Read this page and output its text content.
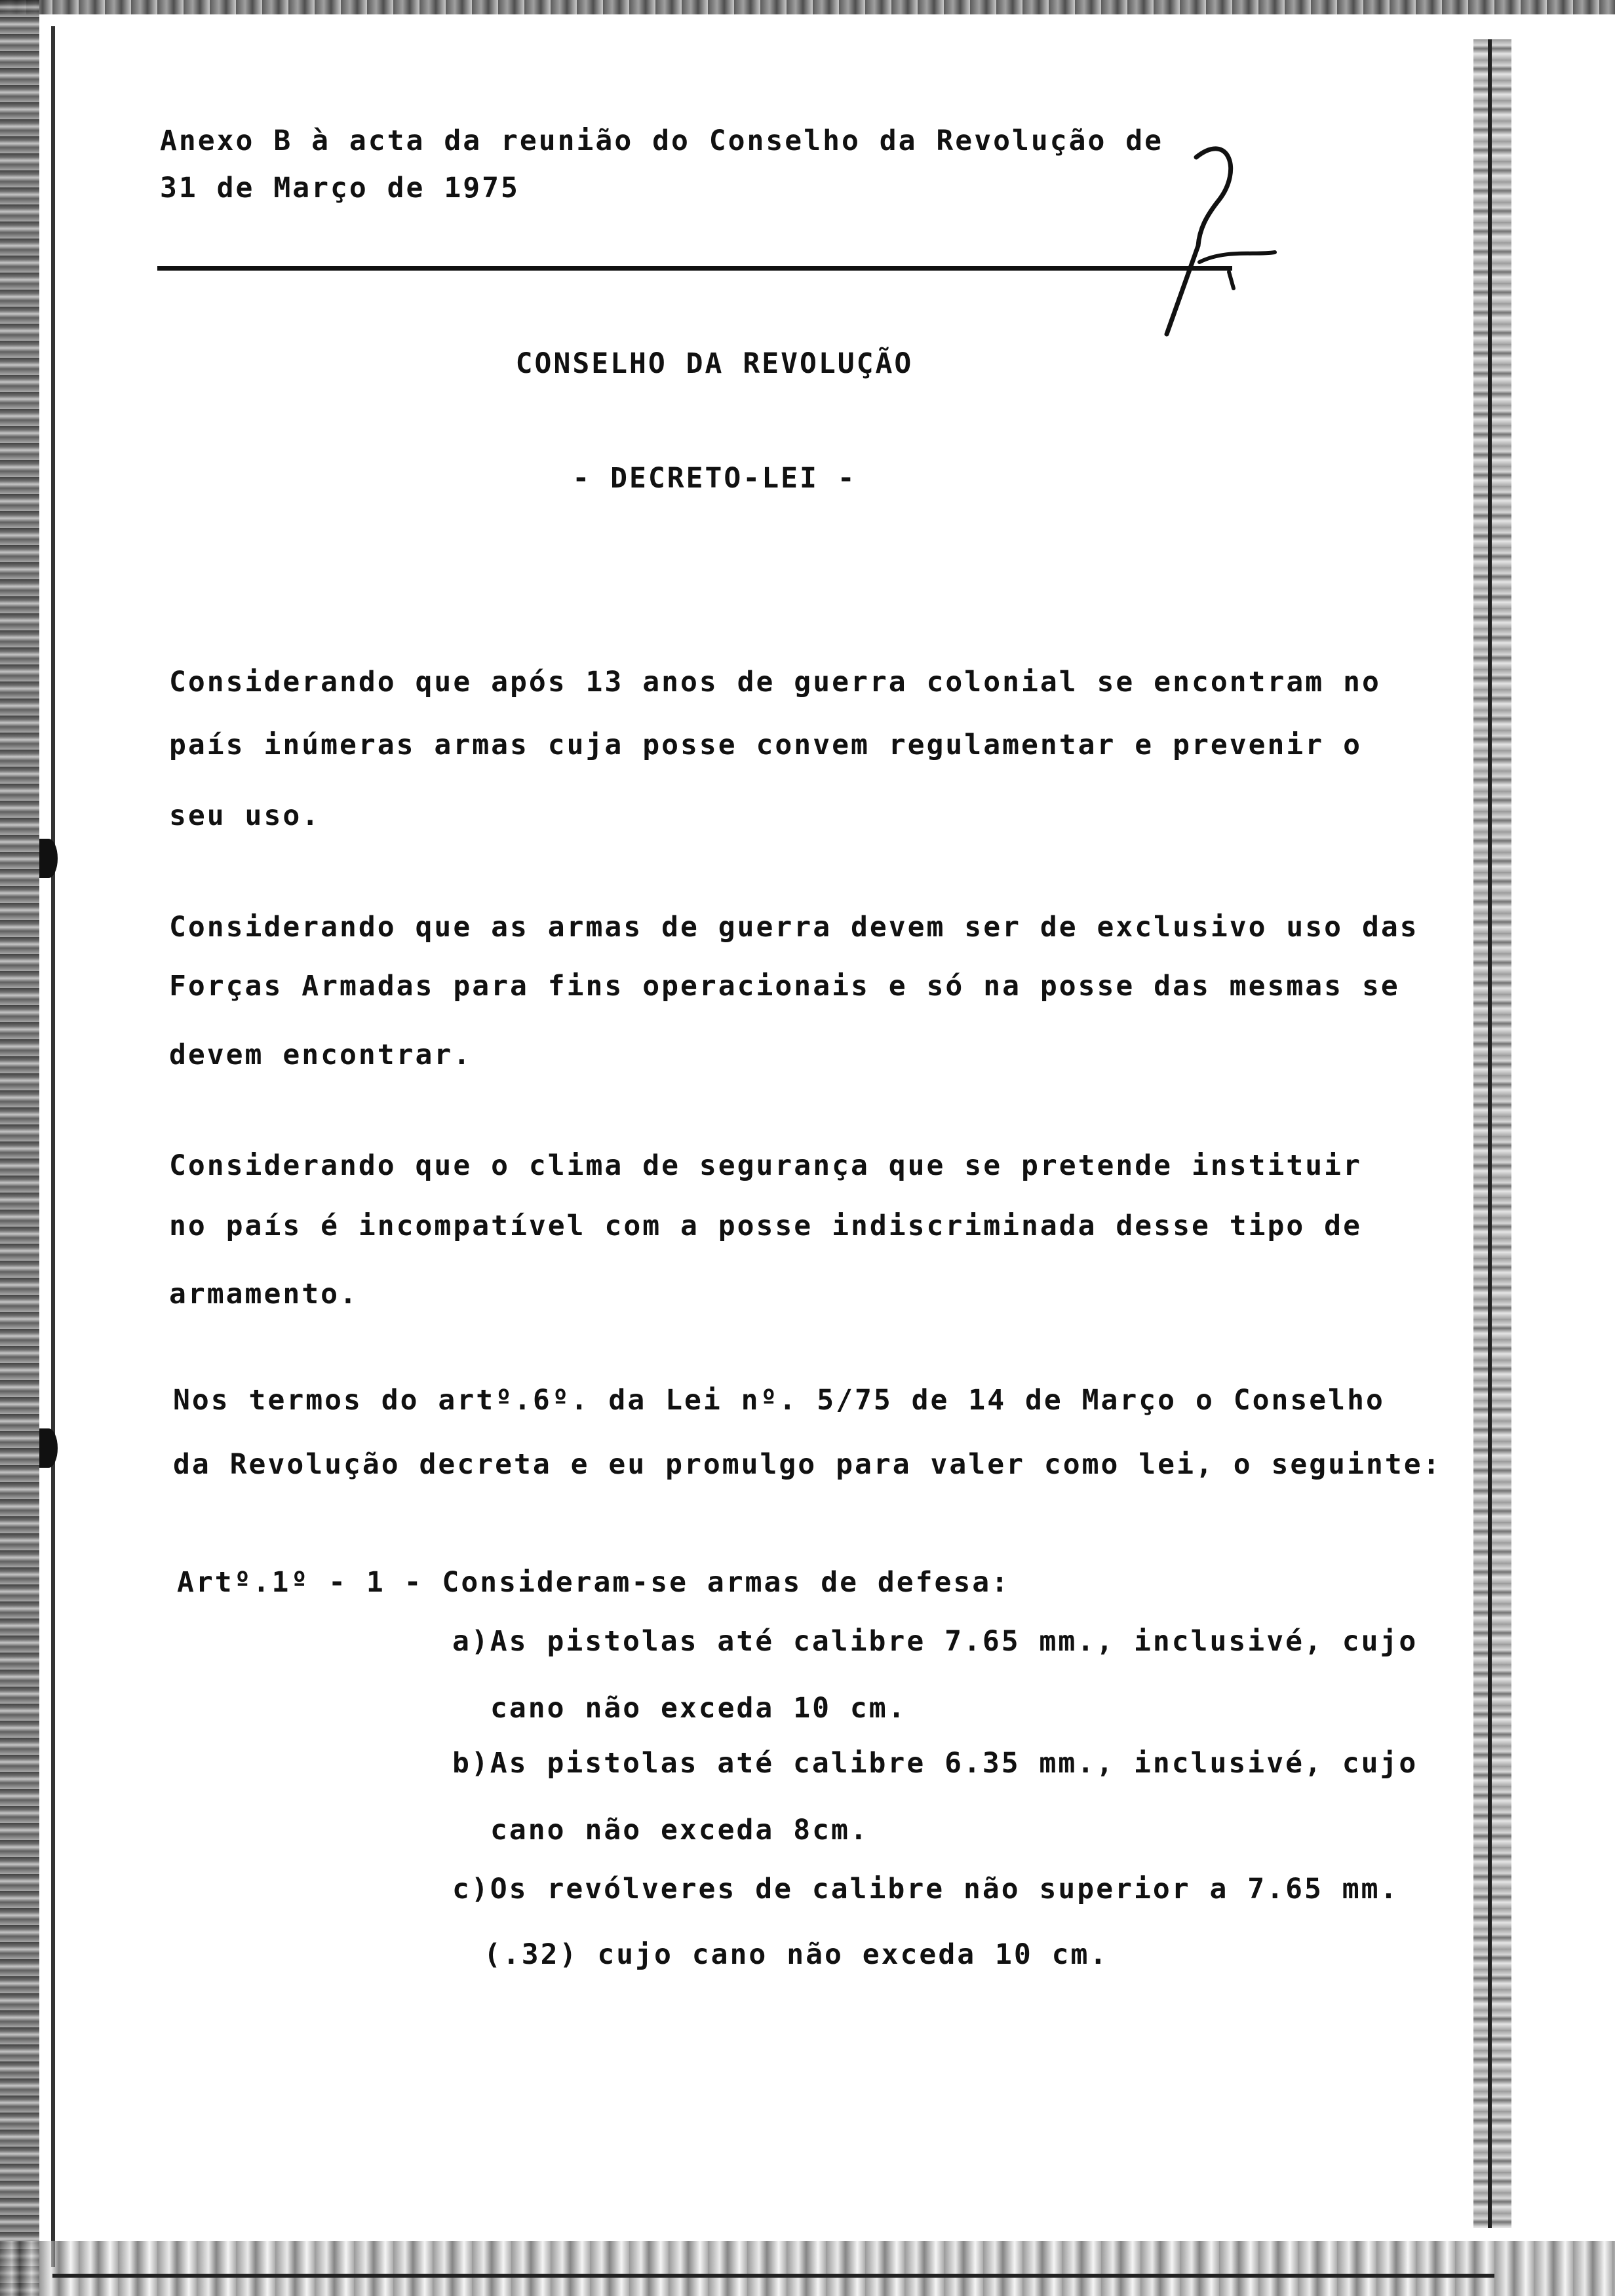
Anexo B à acta da reunião do Conselho da Revolução de
31 de Março de 1975
CONSELHO DA REVOLUÇÃO
- DECRETO-LEI -
Considerando que após 13 anos de guerra colonial se encontram no
país inúmeras armas cuja posse convem regulamentar e prevenir o
seu uso.
Considerando que as armas de guerra devem ser de exclusivo uso das
Forças Armadas para fins operacionais e só na posse das mesmas se
devem encontrar.
Considerando que o clima de segurança que se pretende instituir
no país é incompatível com a posse indiscriminada desse tipo de
armamento.
Nos termos do artº.6º. da Lei nº. 5/75 de 14 de Março o Conselho
da Revolução decreta e eu promulgo para valer como lei, o seguinte:
Artº.1º - 1 - Consideram-se armas de defesa:
a)As pistolas até calibre 7.65 mm., inclusivé, cujo
cano não exceda 10 cm.
b)As pistolas até calibre 6.35 mm., inclusivé, cujo
cano não exceda 8cm.
c)Os revólveres de calibre não superior a 7.65 mm.
(.32) cujo cano não exceda 10 cm.
